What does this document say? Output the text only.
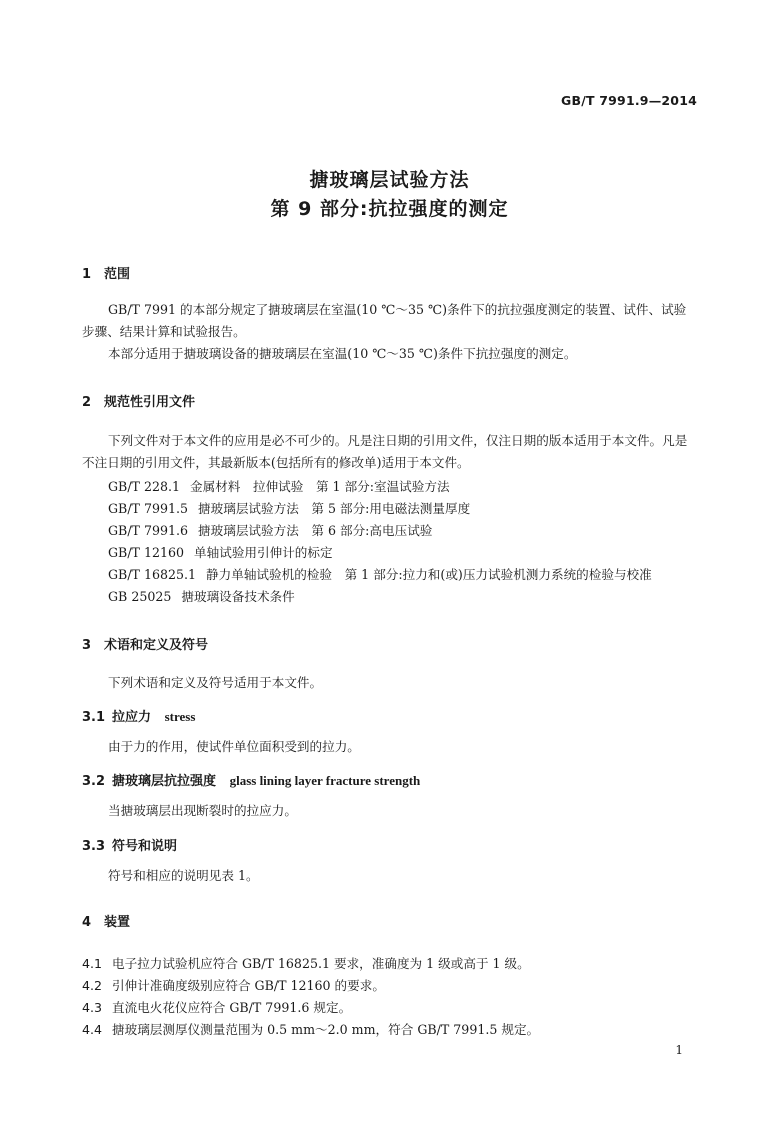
GB/T 7991.9—2014
搪玻璃层试验方法
第 9 部分:抗拉强度的测定
1 范围
GB/T 7991 的本部分规定了搪玻璃层在室温(10 ℃～35 ℃)条件下的抗拉强度测定的装置、试件、试验步骤、结果计算和试验报告。
本部分适用于搪玻璃设备的搪玻璃层在室温(10 ℃～35 ℃)条件下抗拉强度的测定。
2 规范性引用文件
下列文件对于本文件的应用是必不可少的。凡是注日期的引用文件，仅注日期的版本适用于本文件。凡是不注日期的引用文件，其最新版本(包括所有的修改单)适用于本文件。
GB/T 228.1 金属材料　拉伸试验　第 1 部分:室温试验方法
GB/T 7991.5 搪玻璃层试验方法　第 5 部分:用电磁法测量厚度
GB/T 7991.6 搪玻璃层试验方法　第 6 部分:高电压试验
GB/T 12160 单轴试验用引伸计的标定
GB/T 16825.1 静力单轴试验机的检验　第 1 部分:拉力和(或)压力试验机测力系统的检验与校准
GB 25025 搪玻璃设备技术条件
3 术语和定义及符号
下列术语和定义及符号适用于本文件。
3.1 拉应力 stress
由于力的作用，使试件单位面积受到的拉力。
3.2 搪玻璃层抗拉强度 glass lining layer fracture strength
当搪玻璃层出现断裂时的拉应力。
3.3 符号和说明
符号和相应的说明见表 1。
4 装置
4.1 电子拉力试验机应符合 GB/T 16825.1 要求，准确度为 1 级或高于 1 级。
4.2 引伸计准确度级别应符合 GB/T 12160 的要求。
4.3 直流电火花仪应符合 GB/T 7991.6 规定。
4.4 搪玻璃层测厚仪测量范围为 0.5 mm～2.0 mm，符合 GB/T 7991.5 规定。
1
